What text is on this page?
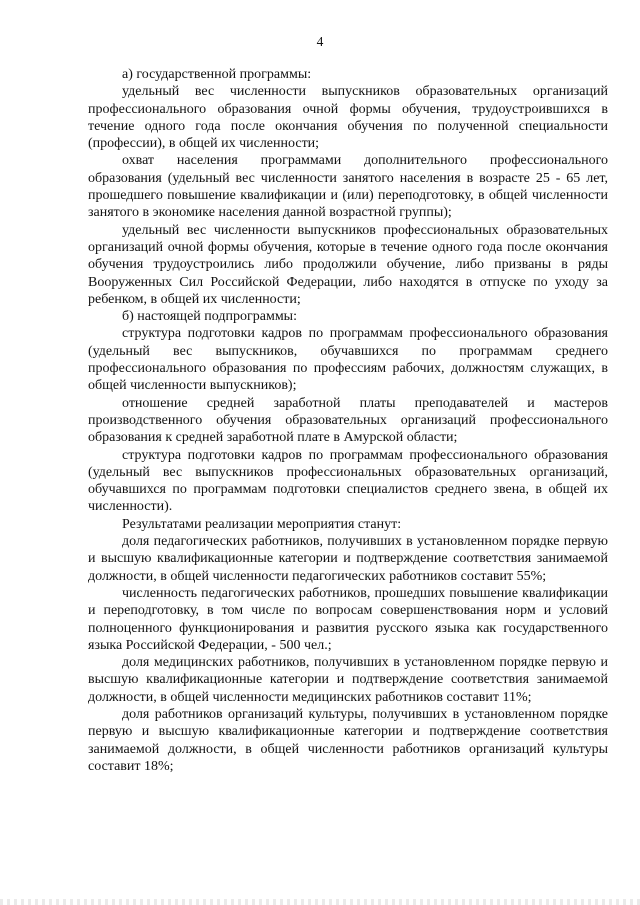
4

а) государственной программы:

удельный вес численности выпускников образовательных организаций профессионального образования очной формы обучения, трудоустроившихся в течение одного года после окончания обучения по полученной специальности (профессии), в общей их численности;

охват населения программами дополнительного профессионального образования (удельный вес численности занятого населения в возрасте 25 - 65 лет, прошедшего повышение квалификации и (или) переподготовку, в общей численности занятого в экономике населения данной возрастной группы);

удельный вес численности выпускников профессиональных образовательных организаций очной формы обучения, которые в течение одного года после окончания обучения трудоустроились либо продолжили обучение, либо призваны в ряды Вооруженных Сил Российской Федерации, либо находятся в отпуске по уходу за ребенком, в общей их численности;

б) настоящей подпрограммы:

структура подготовки кадров по программам профессионального образования (удельный вес выпускников, обучавшихся по программам среднего профессионального образования по профессиям рабочих, должностям служащих, в общей численности выпускников);

отношение средней заработной платы преподавателей и мастеров производственного обучения образовательных организаций профессионального образования к средней заработной плате в Амурской области;

структура подготовки кадров по программам профессионального образования (удельный вес выпускников профессиональных образовательных организаций, обучавшихся по программам подготовки специалистов среднего звена, в общей их численности).

Результатами реализации мероприятия станут:

доля педагогических работников, получивших в установленном порядке первую и высшую квалификационные категории и подтверждение соответствия занимаемой должности, в общей численности педагогических работников составит 55%;

численность педагогических работников, прошедших повышение квалификации и переподготовку, в том числе по вопросам совершенствования норм и условий полноценного функционирования и развития русского языка как государственного языка Российской Федерации, - 500 чел.;

доля медицинских работников, получивших в установленном порядке первую и высшую квалификационные категории и подтверждение соответствия занимаемой должности, в общей численности медицинских работников составит 11%;

доля работников организаций культуры, получивших в установленном порядке первую и высшую квалификационные категории и подтверждение соответствия занимаемой должности, в общей численности работников организаций культуры составит 18%;
